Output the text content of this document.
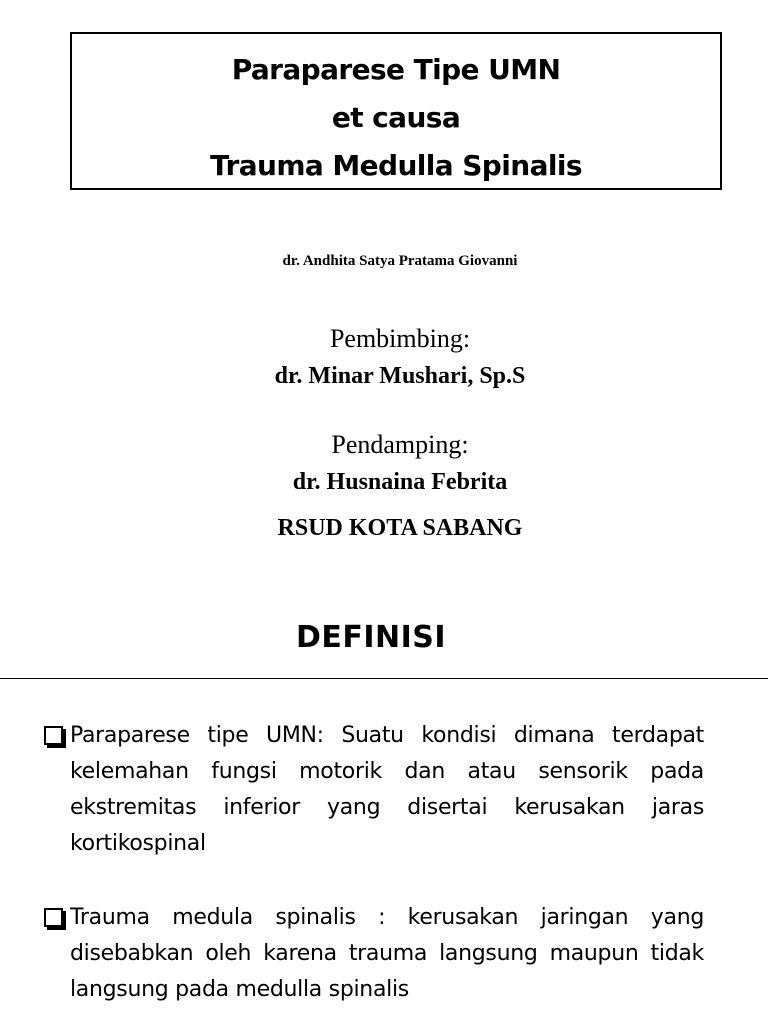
Paraparese Tipe UMN
et causa
Trauma Medulla Spinalis
dr. Andhita Satya Pratama Giovanni
Pembimbing:
dr. Minar Mushari, Sp.S
Pendamping:
dr. Husnaina Febrita
RSUD KOTA SABANG
DEFINISI
Paraparese tipe UMN: Suatu kondisi dimana terdapat kelemahan fungsi motorik dan atau sensorik pada ekstremitas inferior yang disertai kerusakan jaras kortikospinal
Trauma medula spinalis : kerusakan jaringan yang disebabkan oleh karena trauma langsung maupun tidak langsung pada medulla spinalis
